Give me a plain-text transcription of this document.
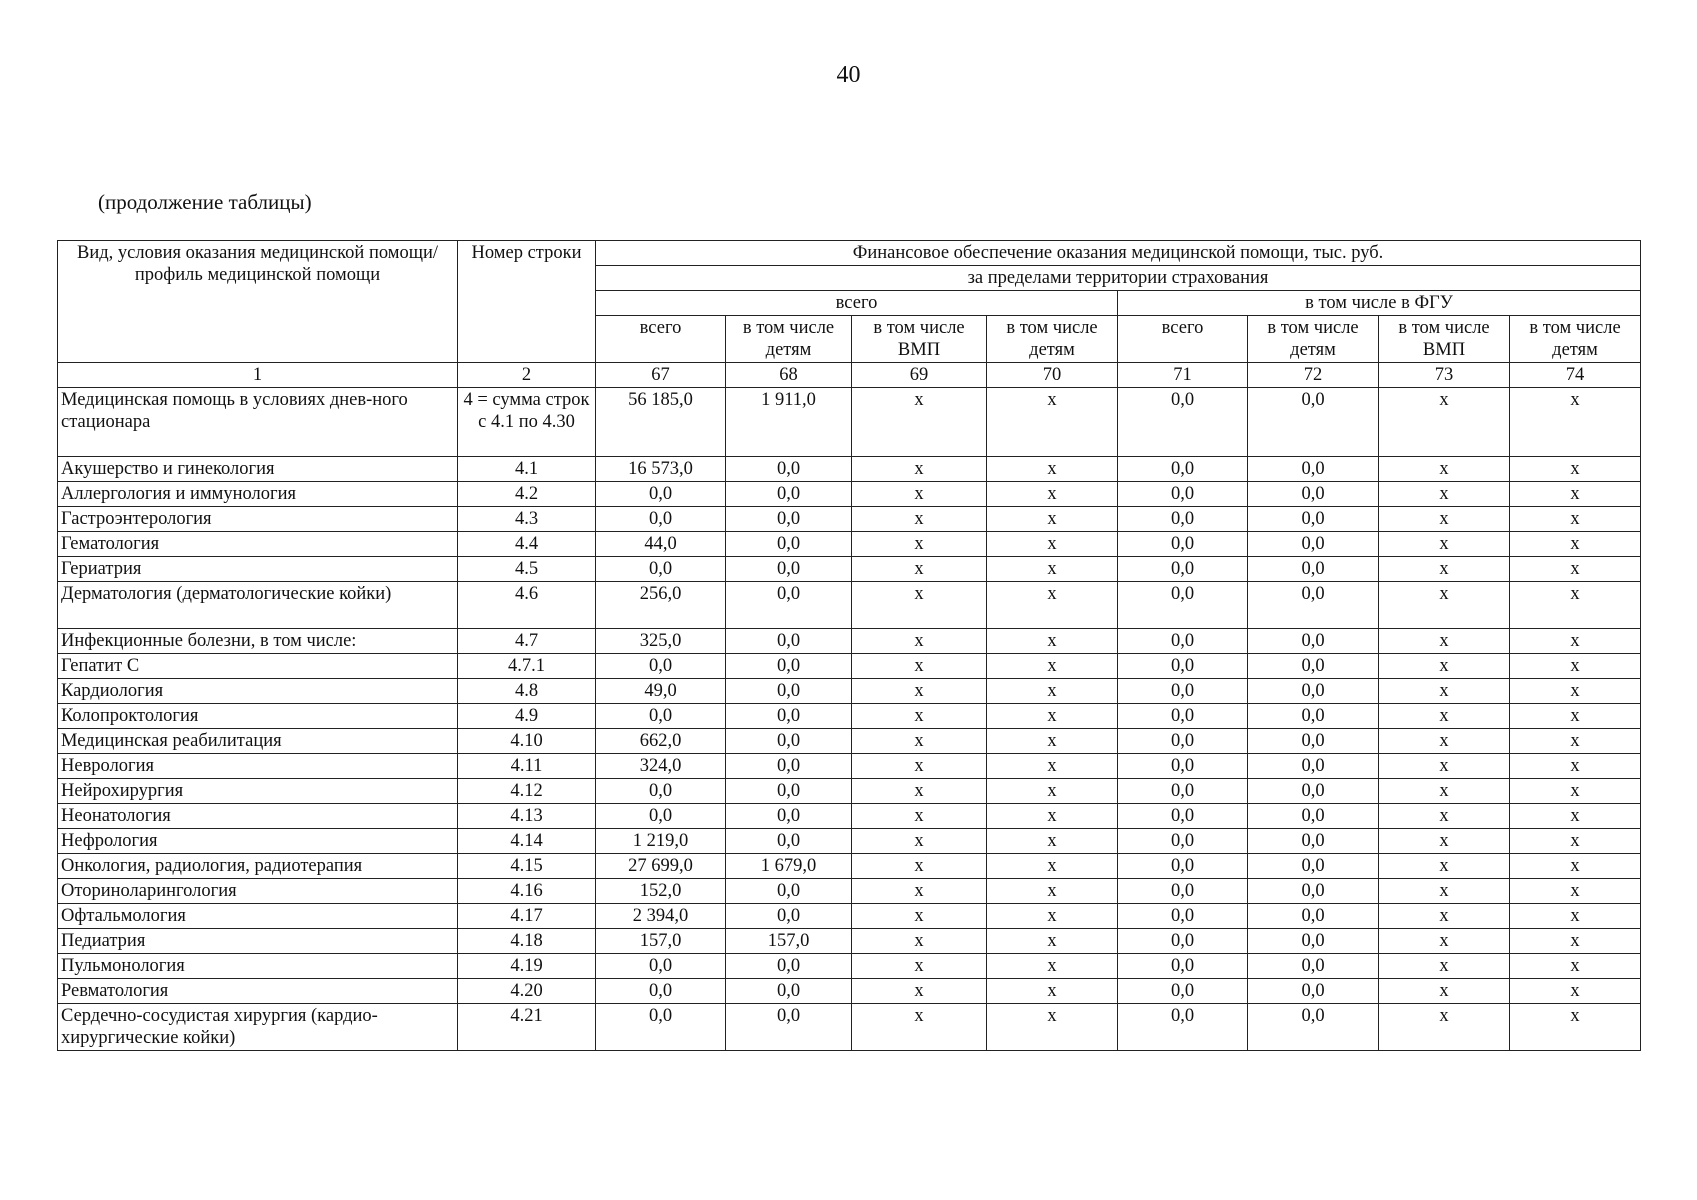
40
(продолжение таблицы)
Вид, условия оказания медицинской помощи/ профиль медицинской помощи	Номер строки	Финансовое обеспечение оказания медицинской помощи, тыс. руб.							
		за пределами территории страхования							
		всего				в том числе в ФГУ			
		всего	в том числе детям	в том числе ВМП	в том числе детям	всего	в том числе детям	в том числе ВМП	в том числе детям
1	2	67	68	69	70	71	72	73	74
Медицинская помощь в условиях днев-ного стационара	4 = сумма строк с 4.1 по 4.30	56 185,0	1 911,0	x	x	0,0	0,0	x	x
Акушерство и гинекология	4.1	16 573,0	0,0	x	x	0,0	0,0	x	x
Аллергология и иммунология	4.2	0,0	0,0	x	x	0,0	0,0	x	x
Гастроэнтерология	4.3	0,0	0,0	x	x	0,0	0,0	x	x
Гематология	4.4	44,0	0,0	x	x	0,0	0,0	x	x
Гериатрия	4.5	0,0	0,0	x	x	0,0	0,0	x	x
Дерматология (дерматологические койки)	4.6	256,0	0,0	x	x	0,0	0,0	x	x
Инфекционные болезни, в том числе:	4.7	325,0	0,0	x	x	0,0	0,0	x	x
Гепатит С	4.7.1	0,0	0,0	x	x	0,0	0,0	x	x
Кардиология	4.8	49,0	0,0	x	x	0,0	0,0	x	x
Колопроктология	4.9	0,0	0,0	x	x	0,0	0,0	x	x
Медицинская реабилитация	4.10	662,0	0,0	x	x	0,0	0,0	x	x
Неврология	4.11	324,0	0,0	x	x	0,0	0,0	x	x
Нейрохирургия	4.12	0,0	0,0	x	x	0,0	0,0	x	x
Неонатология	4.13	0,0	0,0	x	x	0,0	0,0	x	x
Нефрология	4.14	1 219,0	0,0	x	x	0,0	0,0	x	x
Онкология, радиология, радиотерапия	4.15	27 699,0	1 679,0	x	x	0,0	0,0	x	x
Оториноларингология	4.16	152,0	0,0	x	x	0,0	0,0	x	x
Офтальмология	4.17	2 394,0	0,0	x	x	0,0	0,0	x	x
Педиатрия	4.18	157,0	157,0	x	x	0,0	0,0	x	x
Пульмонология	4.19	0,0	0,0	x	x	0,0	0,0	x	x
Ревматология	4.20	0,0	0,0	x	x	0,0	0,0	x	x
Сердечно-сосудистая хирургия (кардио-хирургические койки)	4.21	0,0	0,0	x	x	0,0	0,0	x	x
